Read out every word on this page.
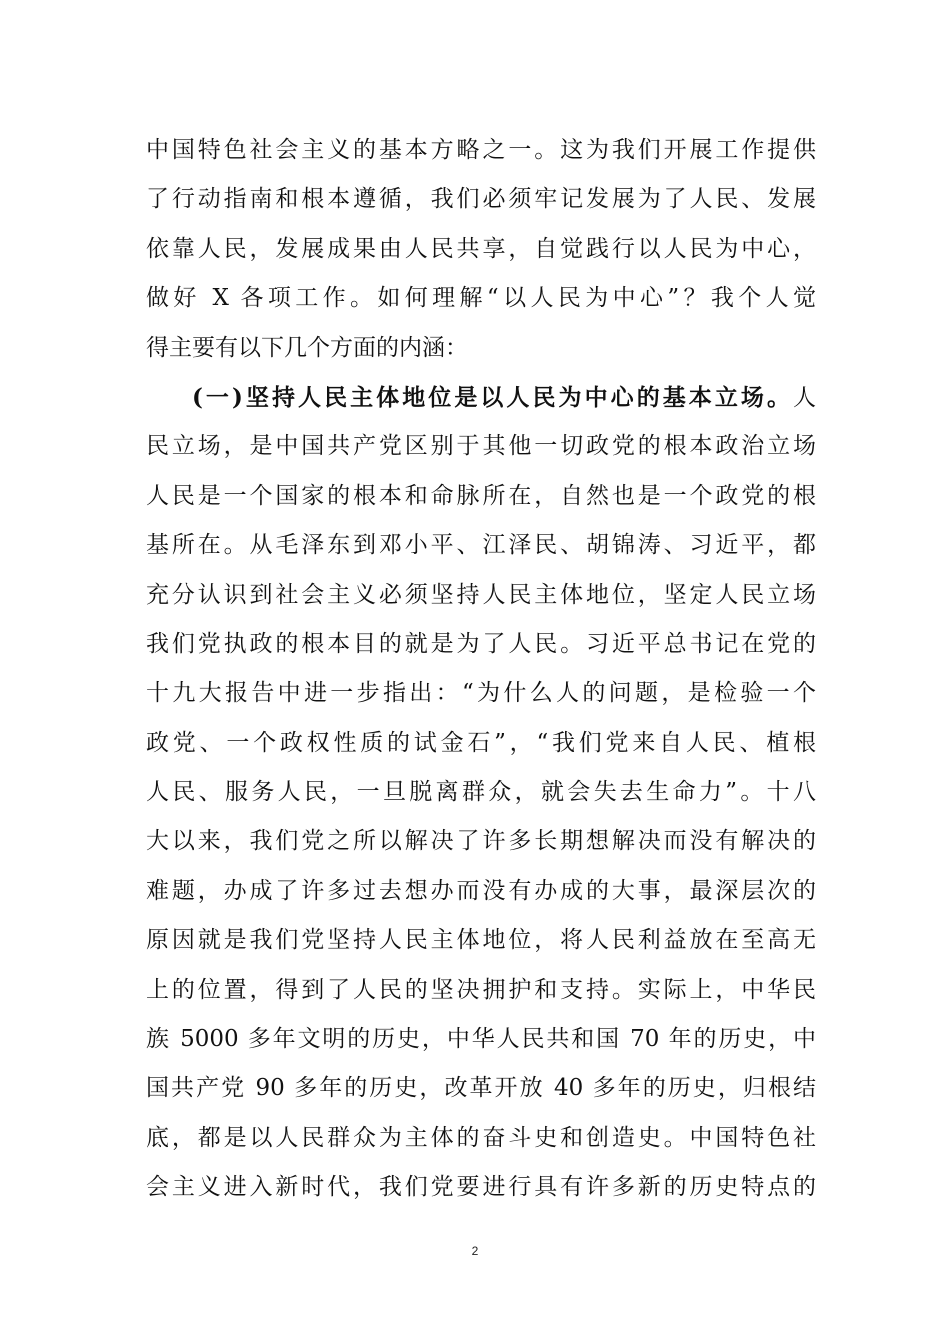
中国特色社会主义的基本方略之一。这为我们开展工作提供
了行动指南和根本遵循，我们必须牢记发展为了人民、发展
依靠人民，发展成果由人民共享，自觉践行以人民为中心，
做好 X 各项工作。如何理解“以人民为中心”？我个人觉
得主要有以下几个方面的内涵：
(一)坚持人民主体地位是以人民为中心的基本立场。人
民立场，是中国共产党区别于其他一切政党的根本政治立场
人民是一个国家的根本和命脉所在，自然也是一个政党的根
基所在。从毛泽东到邓小平、江泽民、胡锦涛、习近平，都
充分认识到社会主义必须坚持人民主体地位，坚定人民立场
我们党执政的根本目的就是为了人民。习近平总书记在党的
十九大报告中进一步指出：“为什么人的问题，是检验一个
政党、一个政权性质的试金石”，“我们党来自人民、植根
人民、服务人民，一旦脱离群众，就会失去生命力”。十八
大以来，我们党之所以解决了许多长期想解决而没有解决的
难题，办成了许多过去想办而没有办成的大事，最深层次的
原因就是我们党坚持人民主体地位，将人民利益放在至高无
上的位置，得到了人民的坚决拥护和支持。实际上，中华民
族 5000 多年文明的历史，中华人民共和国 70 年的历史，中
国共产党 90 多年的历史，改革开放 40 多年的历史，归根结
底，都是以人民群众为主体的奋斗史和创造史。中国特色社
会主义进入新时代，我们党要进行具有许多新的历史特点的
2
